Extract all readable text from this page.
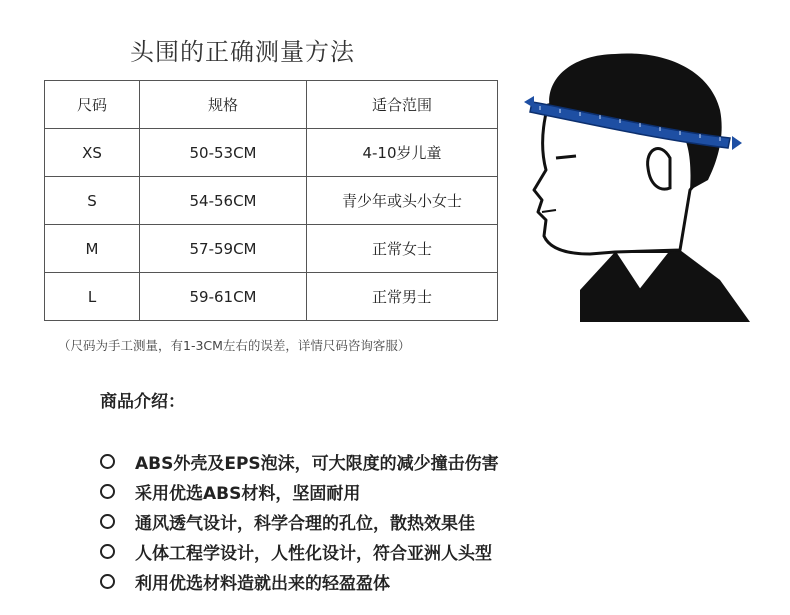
头围的正确测量方法
尺码	规格	适合范围
XS	50-53CM	4-10岁儿童
S	54-56CM	青少年或头小女士
M	57-59CM	正常女士
L	59-61CM	正常男士
（尺码为手工测量，有1-3CM左右的误差，详情尺码咨询客服）
商品介绍：
ABS外壳及EPS泡沫，可大限度的减少撞击伤害
采用优选ABS材料，坚固耐用
通风透气设计，科学合理的孔位，散热效果佳
人体工程学设计，人性化设计，符合亚洲人头型
利用优选材料造就出来的轻盈盈体
